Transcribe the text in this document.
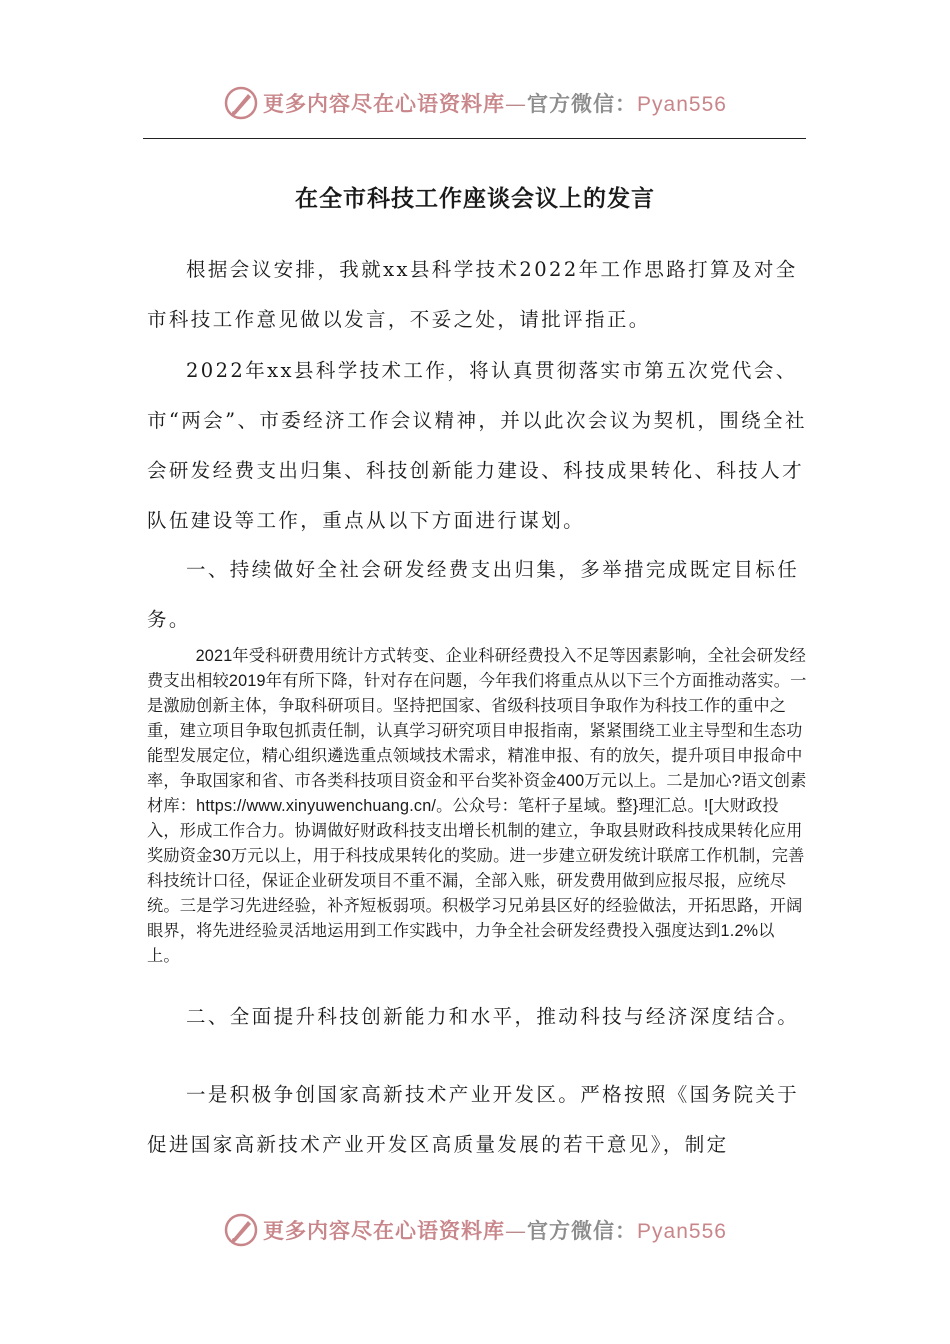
更多内容尽在心语资料库—官方微信：Pyan556
在全市科技工作座谈会议上的发言

根据会议安排，我就xx县科学技术2022年工作思路打算及对全市科技工作意见做以发言，不妥之处，请批评指正。

2022年xx县科学技术工作，将认真贯彻落实市第五次党代会、市“两会”、市委经济工作会议精神，并以此次会议为契机，围绕全社会研发经费支出归集、科技创新能力建设、科技成果转化、科技人才队伍建设等工作，重点从以下方面进行谋划。

一、持续做好全社会研发经费支出归集，多举措完成既定目标任务。

2021年受科研费用统计方式转变、企业科研经费投入不足等因素影响，全社会研发经费支出相较2019年有所下降，针对存在问题，今年我们将重点从以下三个方面推动落实。一是激励创新主体，争取科研项目。坚持把国家、省级科技项目争取作为科技工作的重中之重，建立项目争取包抓责任制，认真学习研究项目申报指南，紧紧围绕工业主导型和生态功能型发展定位，精心组织遴选重点领域技术需求，精准申报、有的放矢，提升项目申报命中率，争取国家和省、市各类科技项目资金和平台奖补资金400万元以上。二是加心?语文创素材库：https://www.xinyuwenchuang.cn/。公众号：笔杆子星域。整}理汇总。![大财政投入，形成工作合力。协调做好财政科技支出增长机制的建立，争取县财政科技成果转化应用奖励资金30万元以上，用于科技成果转化的奖励。进一步建立研发统计联席工作机制，完善科技统计口径，保证企业研发项目不重不漏，全部入账，研发费用做到应报尽报，应统尽统。三是学习先进经验，补齐短板弱项。积极学习兄弟县区好的经验做法，开拓思路，开阔眼界，将先进经验灵活地运用到工作实践中，力争全社会研发经费投入强度达到1.2%以上。

二、全面提升科技创新能力和水平，推动科技与经济深度结合。

一是积极争创国家高新技术产业开发区。严格按照《国务院关于促进国家高新技术产业开发区高质量发展的若干意见》，制定

更多内容尽在心语资料库—官方微信：Pyan556
